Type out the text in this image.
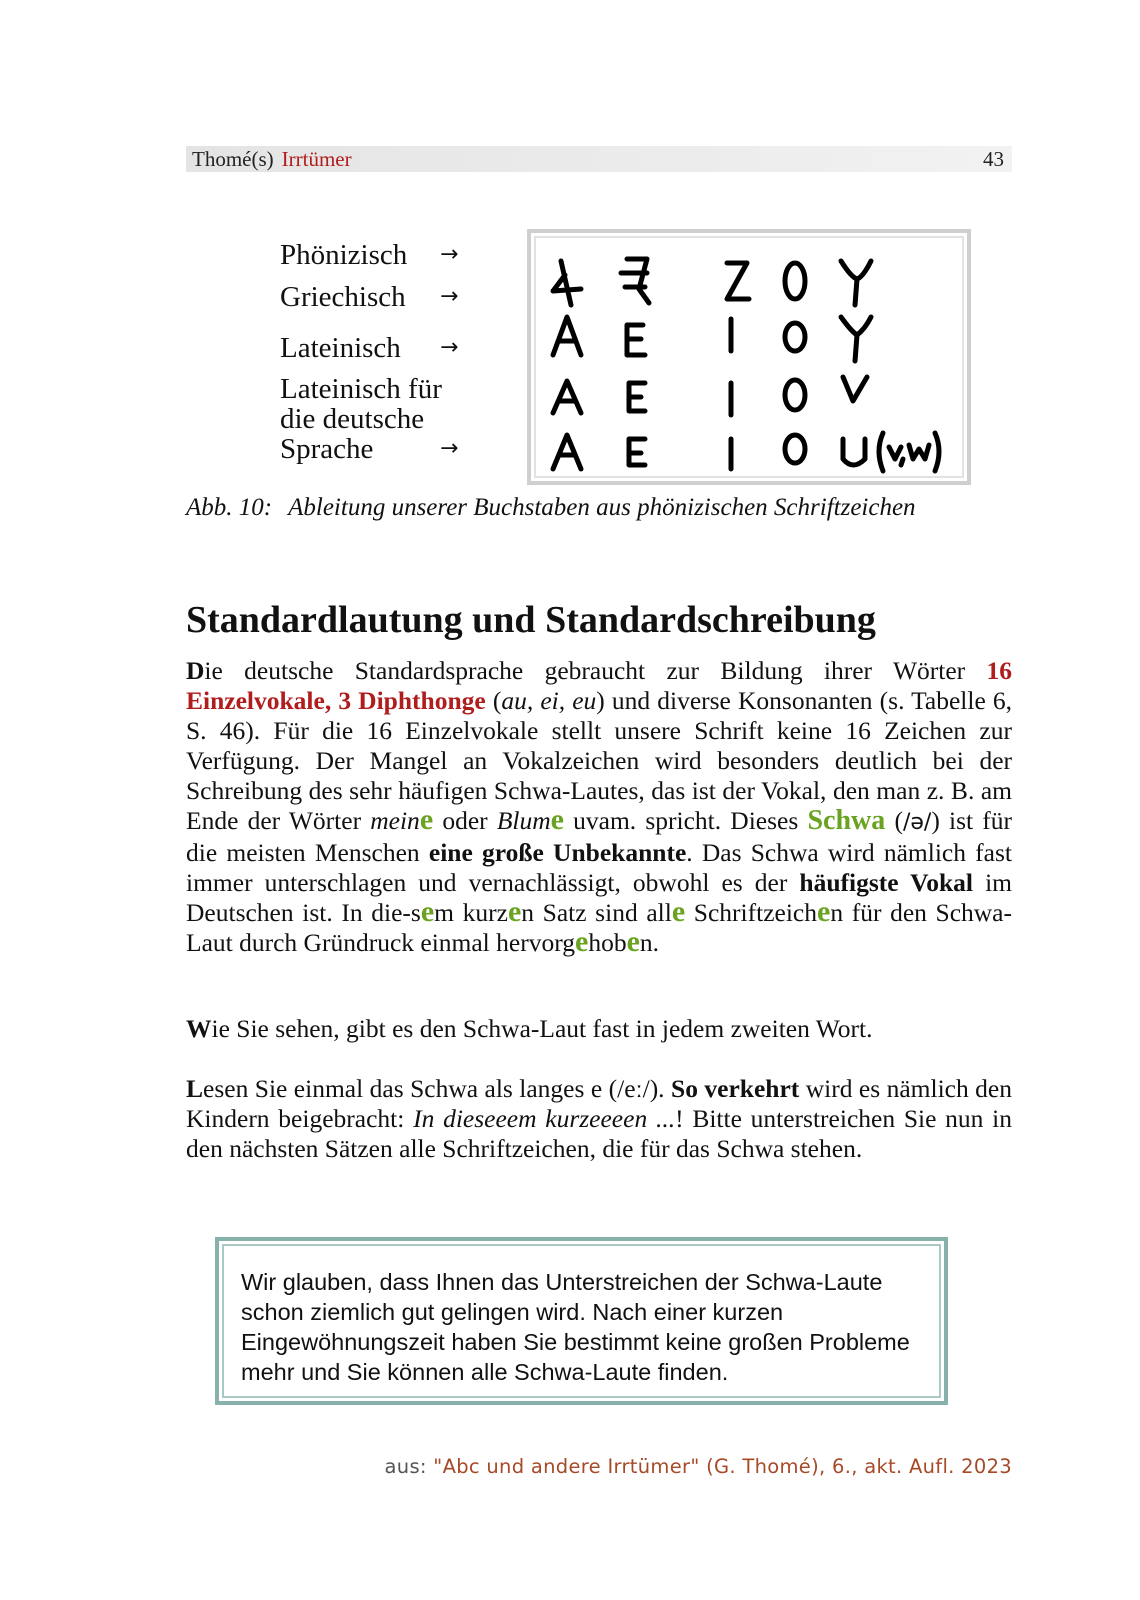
Thomé(s) Irrtümer	43
Phönizisch →
Griechisch →
Lateinisch →
Lateinisch für
die deutsche
Sprache	→
Abb. 10: Ableitung unserer Buchstaben aus phönizischen Schriftzeichen
Standardlautung und Standardschreibung

Die deutsche Standardsprache gebraucht zur Bildung ihrer Wörter 16 Einzelvokale, 3 Diphthonge (au, ei, eu) und diverse Konsonanten (s. Tabelle 6, S. 46). Für die 16 Einzelvokale stellt unsere Schrift keine 16 Zeichen zur Verfügung. Der Mangel an Vokalzeichen wird besonders deutlich bei der Schreibung des sehr häufigen Schwa-Lautes, das ist der Vokal, den man z. B. am Ende der Wörter meine oder Blume uvam. spricht. Dieses Schwa (/ə/) ist für die meisten Menschen eine große Unbekannte. Das Schwa wird nämlich fast immer unterschlagen und vernachlässigt, obwohl es der häufigste Vokal im Deutschen ist. In die-sem kurzen Satz sind alle Schriftzeichen für den Schwa-Laut durch Gründruck einmal hervorgehoben.

Wie Sie sehen, gibt es den Schwa-Laut fast in jedem zweiten Wort.

Lesen Sie einmal das Schwa als langes e (/eː/). So verkehrt wird es nämlich den Kindern beigebracht: In dieseeem kurzeeeen ...! Bitte unterstreichen Sie nun in den nächsten Sätzen alle Schriftzeichen, die für das Schwa stehen.

Wir glauben, dass Ihnen das Unterstreichen der Schwa-Laute schon ziemlich gut gelingen wird. Nach einer kurzen Eingewöhnungszeit haben Sie bestimmt keine großen Probleme mehr und Sie können alle Schwa-Laute finden.

aus: "Abc und andere Irrtümer" (G. Thomé), 6., akt. Aufl. 2023
